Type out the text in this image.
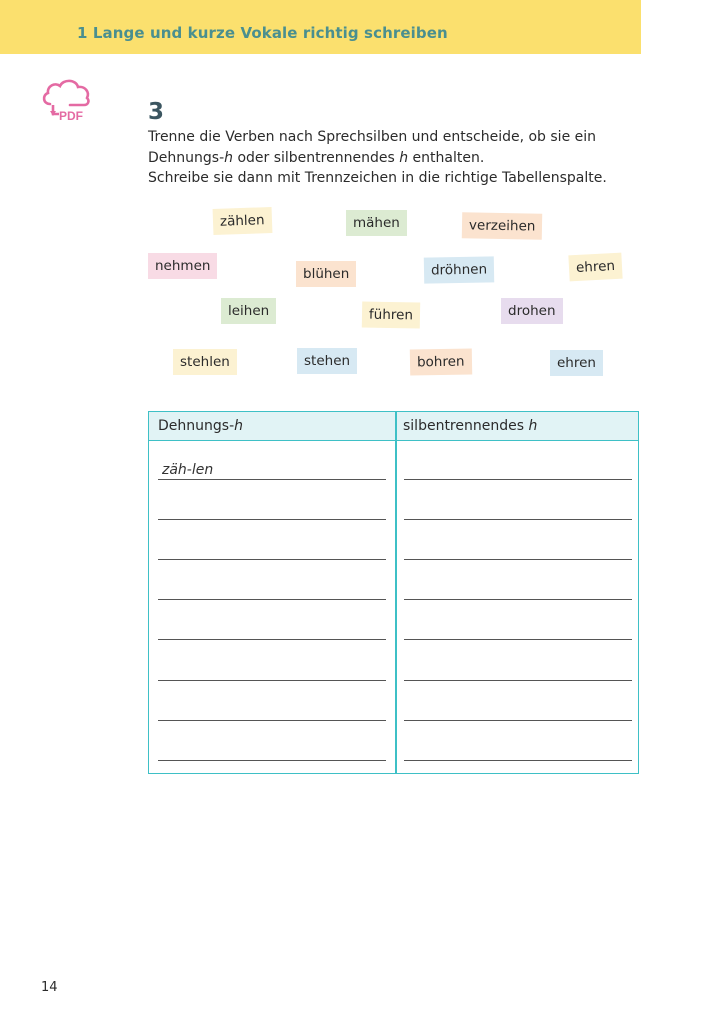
1 Lange und kurze Vokale richtig schreiben
PDF	3
Trenne die Verben nach Sprechsilben und entscheide, ob sie ein
Dehnungs-h oder silbentrennendes h enthalten.
Schreibe sie dann mit Trennzeichen in die richtige Tabellenspalte.
zählen	mähen	verzeihen
nehmen	blühen	dröhnen	ehren
leihen	führen	drohen
stehlen	stehen	bohren	ehren
Dehnungs-h	silbentrennendes h
zäh-len
14
